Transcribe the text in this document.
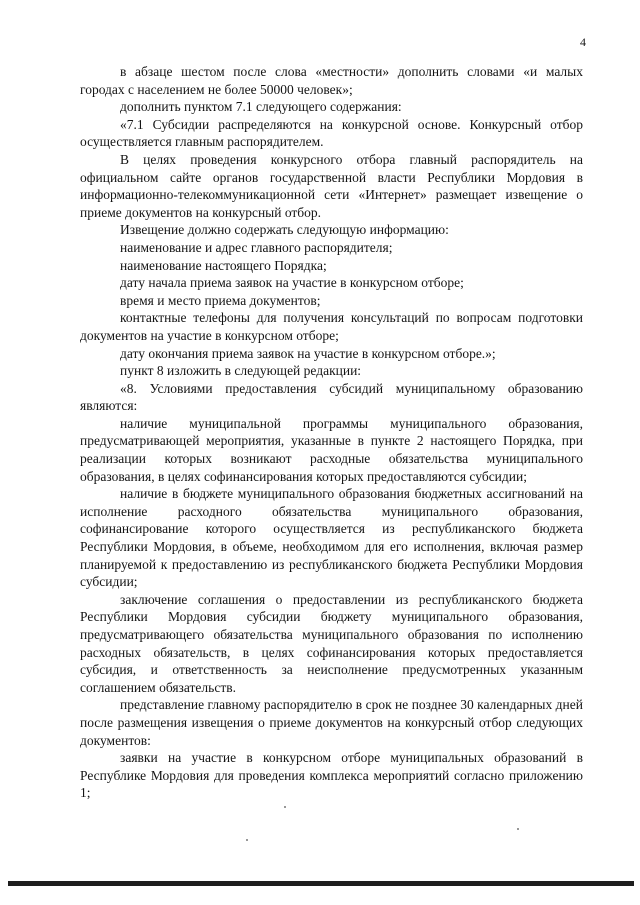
4

в абзаце шестом после слова «местности» дополнить словами «и малых городах с населением не более 50000 человек»;

дополнить пунктом 7.1 следующего содержания:

«7.1 Субсидии распределяются на конкурсной основе. Конкурсный отбор осуществляется главным распорядителем.

В целях проведения конкурсного отбора главный распорядитель на официальном сайте органов государственной власти Республики Мордовия в информационно-телекоммуникационной сети «Интернет» размещает извещение о приеме документов на конкурсный отбор.

Извещение должно содержать следующую информацию:

наименование и адрес главного распорядителя;

наименование настоящего Порядка;

дату начала приема заявок на участие в конкурсном отборе;

время и место приема документов;

контактные телефоны для получения консультаций по вопросам подготовки документов на участие в конкурсном отборе;

дату окончания приема заявок на участие в конкурсном отборе.»;

пункт 8 изложить в следующей редакции:

«8. Условиями предоставления субсидий муниципальному образованию являются:

наличие муниципальной программы муниципального образования, предусматривающей мероприятия, указанные в пункте 2 настоящего Порядка, при реализации которых возникают расходные обязательства муниципального образования, в целях софинансирования которых предоставляются субсидии;

наличие в бюджете муниципального образования бюджетных ассигнований на исполнение расходного обязательства муниципального образования, софинансирование которого осуществляется из республиканского бюджета Республики Мордовия, в объеме, необходимом для его исполнения, включая размер планируемой к предоставлению из республиканского бюджета Республики Мордовия субсидии;

заключение соглашения о предоставлении из республиканского бюджета Республики Мордовия субсидии бюджету муниципального образования, предусматривающего обязательства муниципального образования по исполнению расходных обязательств, в целях софинансирования которых предоставляется субсидия, и ответственность за неисполнение предусмотренных указанным соглашением обязательств.

представление главному распорядителю в срок не позднее 30 календарных дней после размещения извещения о приеме документов на конкурсный отбор следующих документов:

заявки на участие в конкурсном отборе муниципальных образований в Республике Мордовия для проведения комплекса мероприятий согласно приложению 1;
